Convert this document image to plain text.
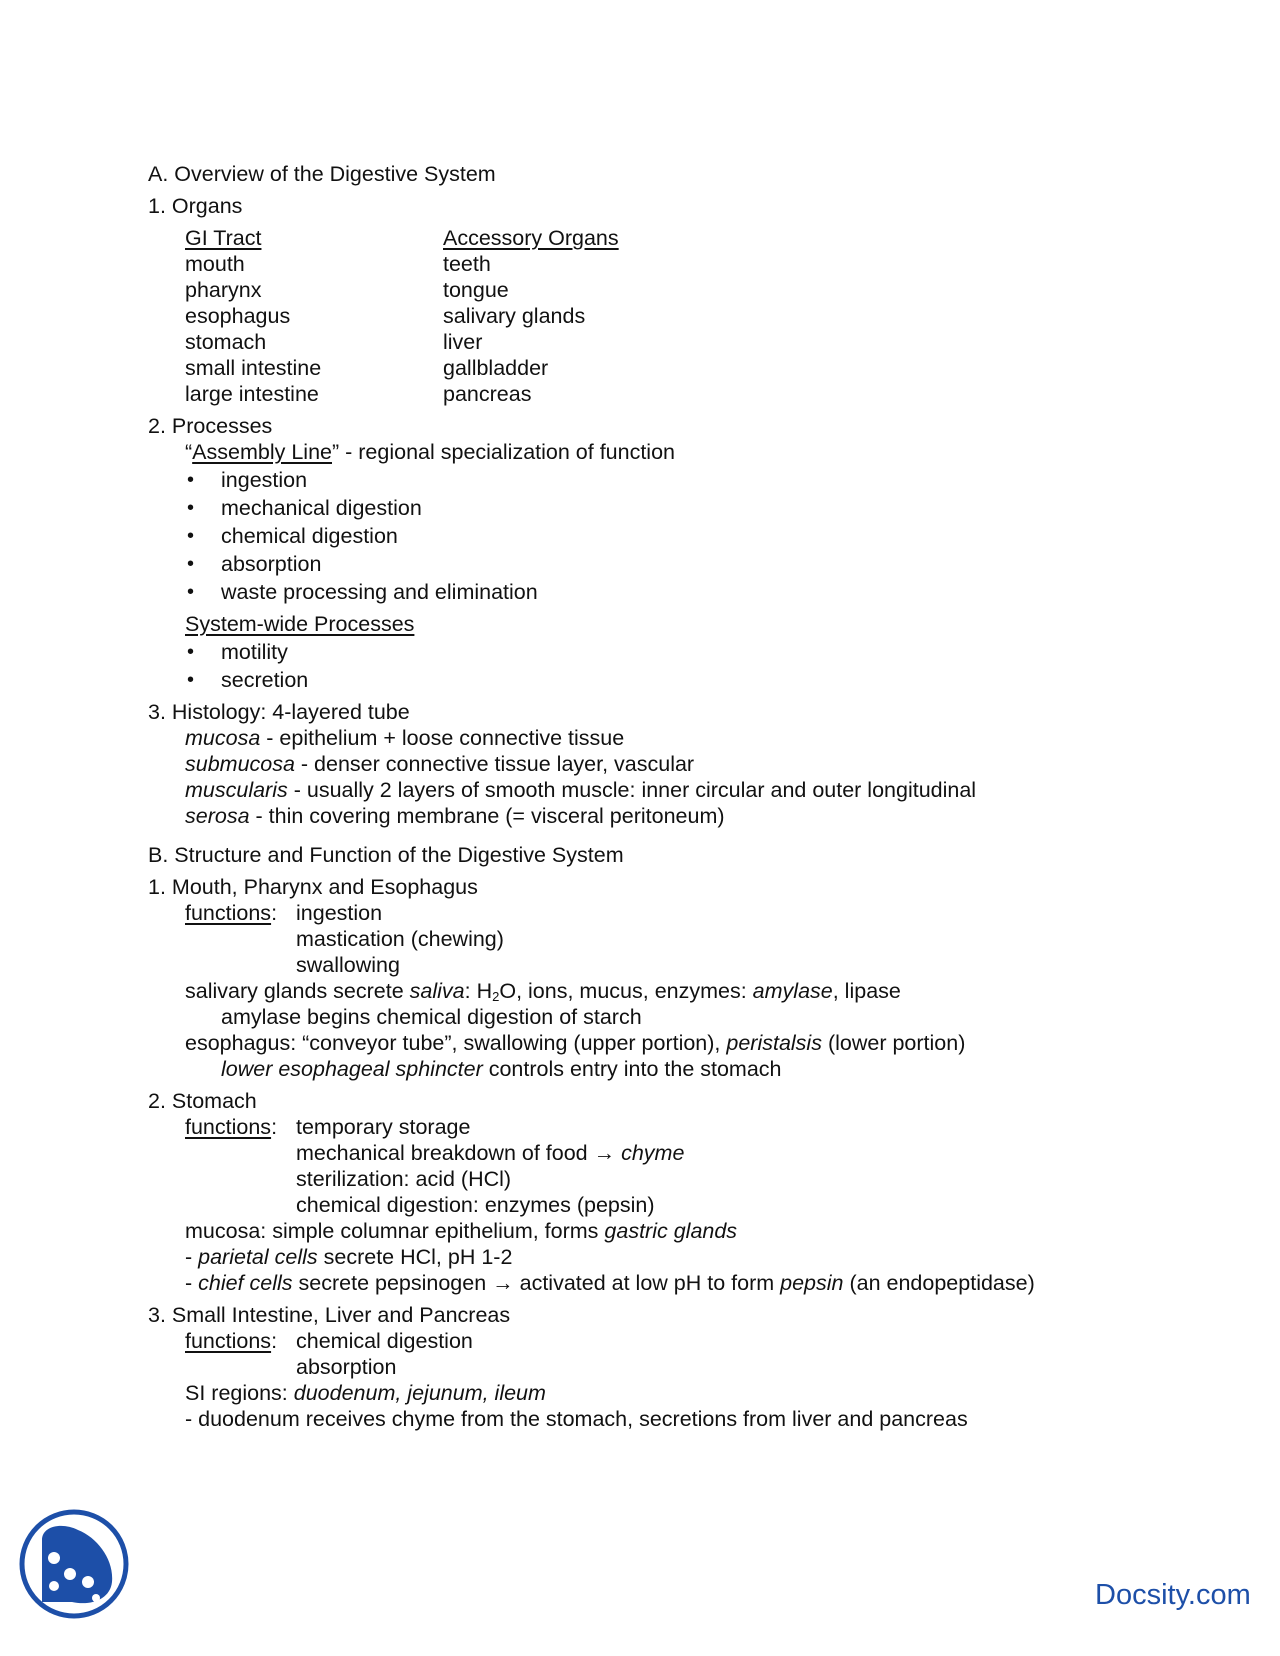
A. Overview of the Digestive System
1. Organs
GI Tract	Accessory Organs
mouth
pharynx
esophagus
stomach
small intestine
large intestine
teeth
tongue
salivary glands
liver
gallbladder
pancreas
2. Processes
“Assembly Line” - regional specialization of function
• ingestion
• mechanical digestion
• chemical digestion
• absorption
• waste processing and elimination
System-wide Processes
• motility
• secretion
3. Histology: 4-layered tube
mucosa - epithelium + loose connective tissue
submucosa - denser connective tissue layer, vascular
muscularis - usually 2 layers of smooth muscle: inner circular and outer longitudinal
serosa - thin covering membrane (= visceral peritoneum)
B. Structure and Function of the Digestive System
1. Mouth, Pharynx and Esophagus
functions: ingestion
mastication (chewing)
swallowing
salivary glands secrete saliva: $H_2O$, ions, mucus, enzymes: amylase, lipase
amylase begins chemical digestion of starch
esophagus: “conveyor tube”, swallowing (upper portion), peristalsis (lower portion)
lower esophageal sphincter controls entry into the stomach
2. Stomach
functions: temporary storage
mechanical breakdown of food → chyme
sterilization: acid (HCl)
chemical digestion: enzymes (pepsin)
mucosa: simple columnar epithelium, forms gastric glands
- parietal cells secrete HCl, pH 1-2
- chief cells secrete pepsinogen → activated at low pH to form pepsin (an endopeptidase)
3. Small Intestine, Liver and Pancreas
functions: chemical digestion
absorption
SI regions: duodenum, jejunum, ileum
- duodenum receives chyme from the stomach, secretions from liver and pancreas
Docsity.com
